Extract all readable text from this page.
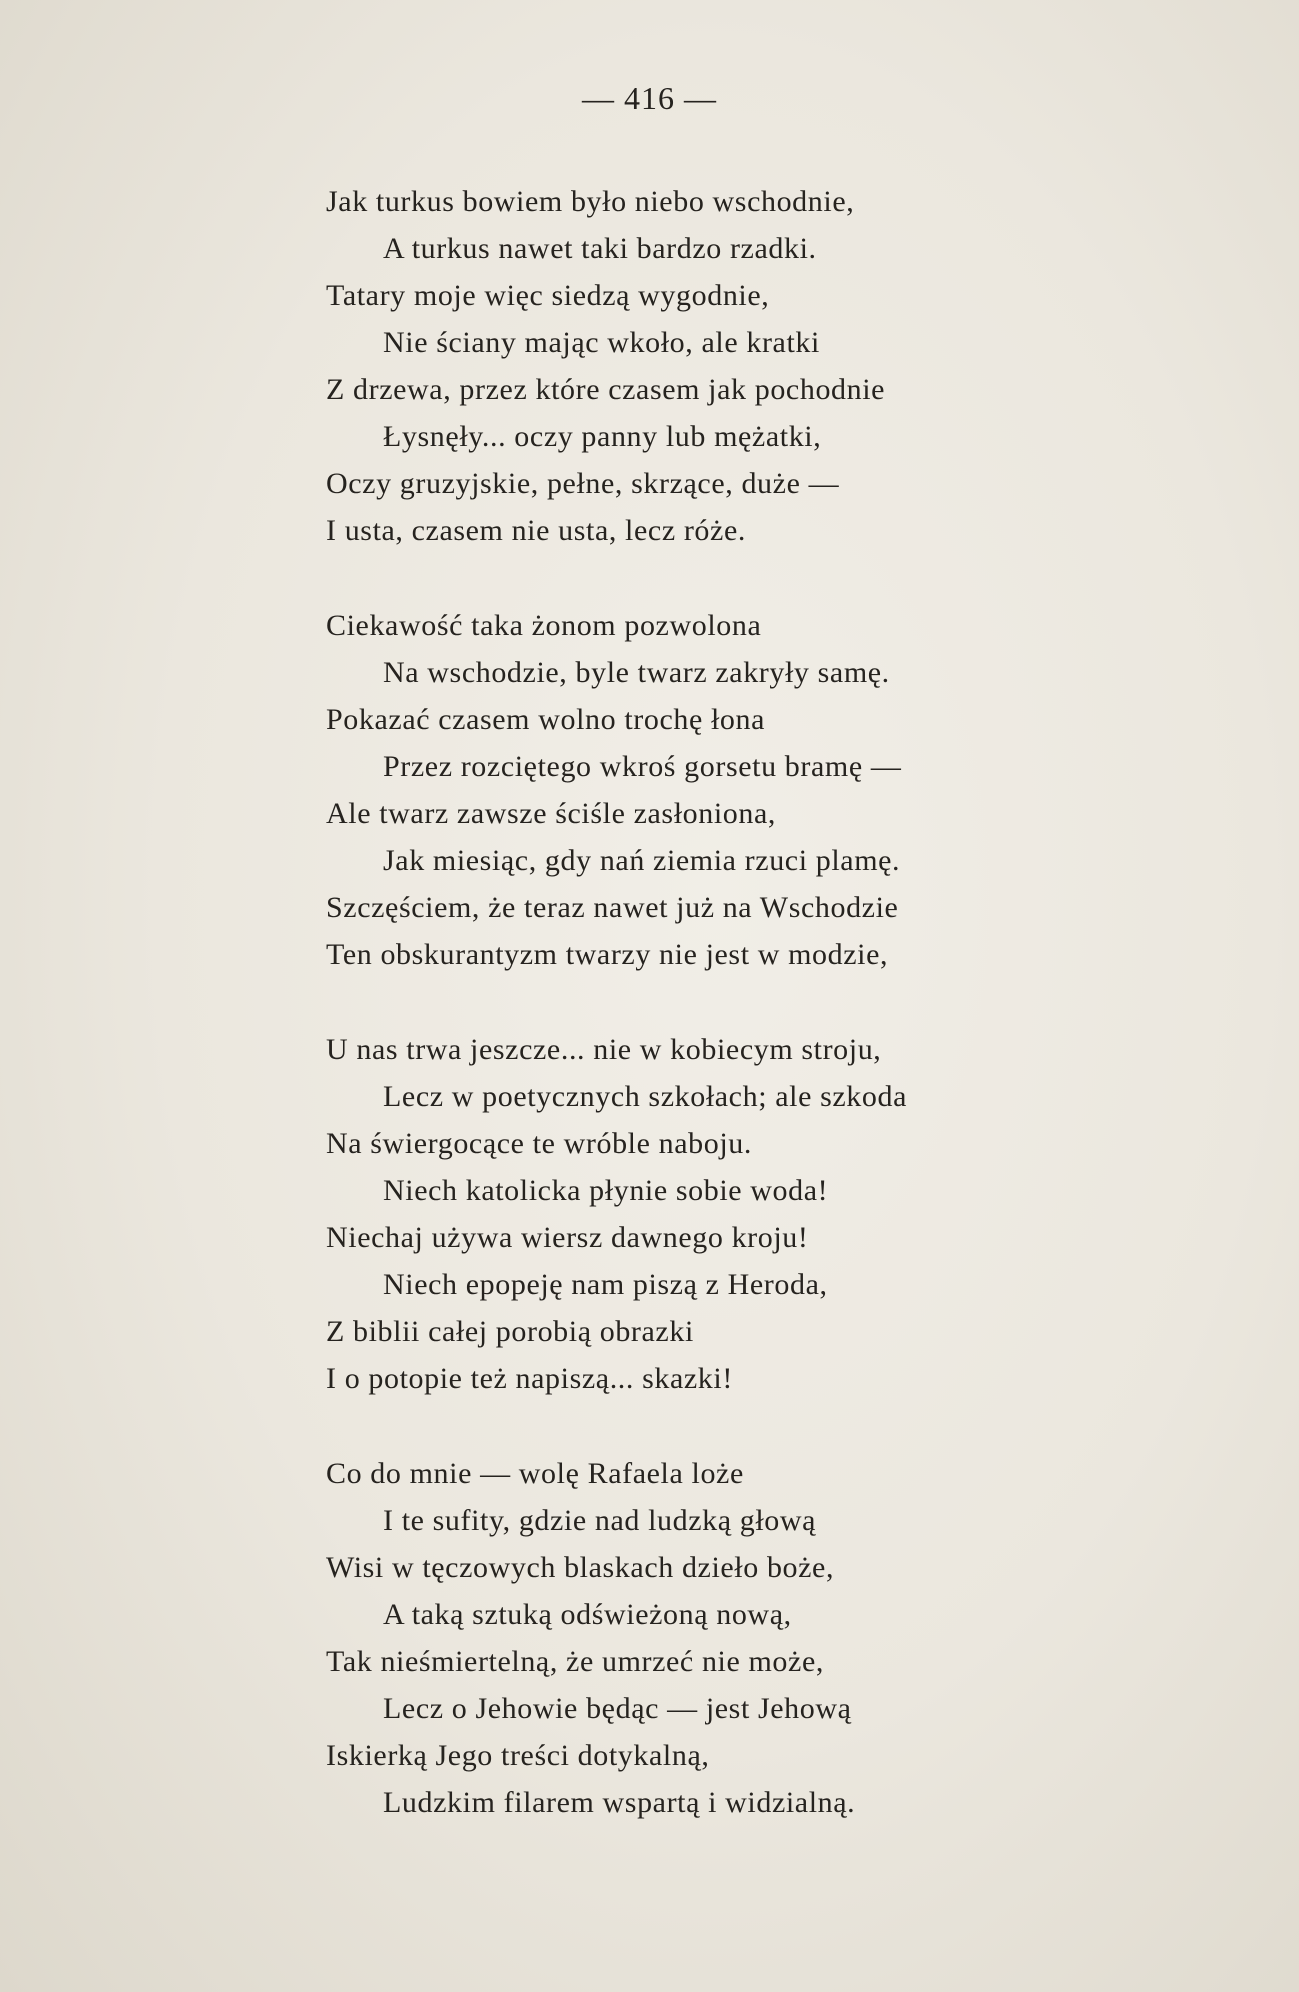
— 416 —
Jak turkus bowiem było niebo wschodnie,
A turkus nawet taki bardzo rzadki.
Tatary moje więc siedzą wygodnie,
Nie ściany mając wkoło, ale kratki
Z drzewa, przez które czasem jak pochodnie
Łysnęły... oczy panny lub mężatki,
Oczy gruzyjskie, pełne, skrzące, duże —
I usta, czasem nie usta, lecz róże.
Ciekawość taka żonom pozwolona
Na wschodzie, byle twarz zakryły samę.
Pokazać czasem wolno trochę łona
Przez rozciętego wkroś gorsetu bramę —
Ale twarz zawsze ściśle zasłoniona,
Jak miesiąc, gdy nań ziemia rzuci plamę.
Szczęściem, że teraz nawet już na Wschodzie
Ten obskurantyzm twarzy nie jest w modzie,
U nas trwa jeszcze... nie w kobiecym stroju,
Lecz w poetycznych szkołach; ale szkoda
Na świergocące te wróble naboju.
Niech katolicka płynie sobie woda!
Niechaj używa wiersz dawnego kroju!
Niech epopeję nam piszą z Heroda,
Z biblii całej porobią obrazki
I o potopie też napiszą... skazki!
Co do mnie — wolę Rafaela loże
I te sufity, gdzie nad ludzką głową
Wisi w tęczowych blaskach dzieło boże,
A taką sztuką odświeżoną nową,
Tak nieśmiertelną, że umrzeć nie może,
Lecz o Jehowie będąc — jest Jehową
Iskierką Jego treści dotykalną,
Ludzkim filarem wspartą i widzialną.
